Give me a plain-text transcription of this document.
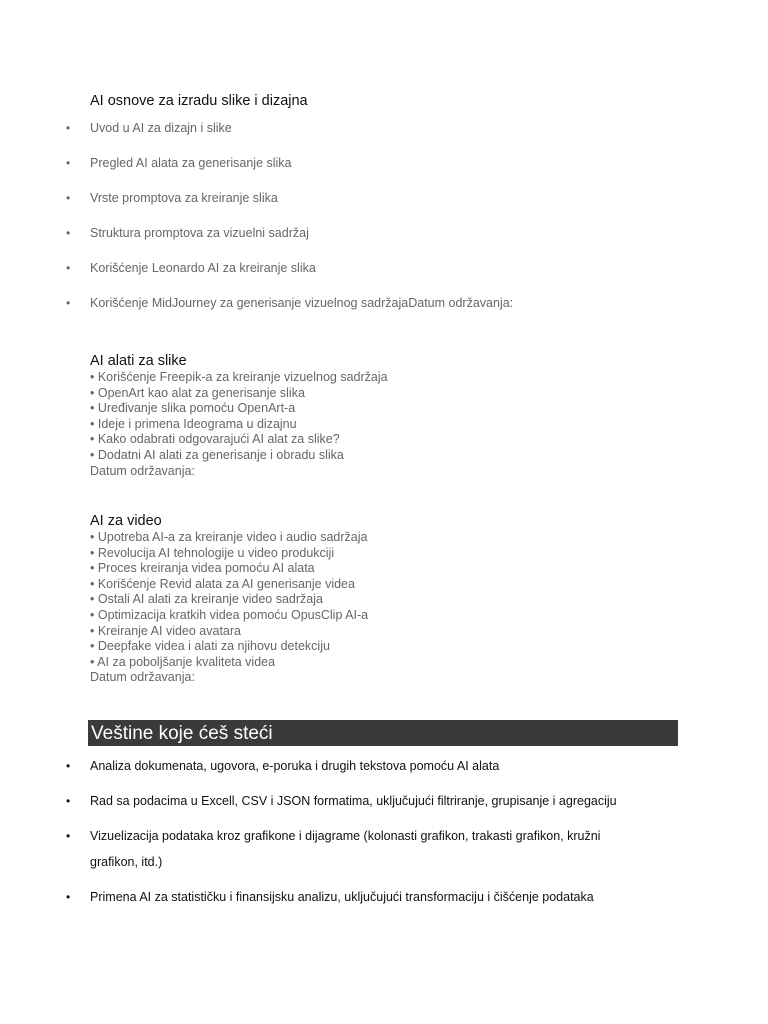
AI osnove za izradu slike i dizajna
• Uvod u AI za dizajn i slike
• Pregled AI alata za generisanje slika
• Vrste promptova za kreiranje slika
• Struktura promptova za vizuelni sadržaj
• Korišćenje Leonardo AI za kreiranje slika
• Korišćenje MidJourney za generisanje vizuelnog sadržajaDatum održavanja:
AI alati za slike
• Korišćenje Freepik-a za kreiranje vizuelnog sadržaja
• OpenArt kao alat za generisanje slika
• Uređivanje slika pomoću OpenArt-a
• Ideje i primena Ideograma u dizajnu
• Kako odabrati odgovarajući AI alat za slike?
• Dodatni AI alati za generisanje i obradu slika
Datum održavanja:
AI za video
• Upotreba AI-a za kreiranje video i audio sadržaja
• Revolucija AI tehnologije u video produkciji
• Proces kreiranja videa pomoću AI alata
• Korišćenje Revid alata za AI generisanje videa
• Ostali AI alati za kreiranje video sadržaja
• Optimizacija kratkih videa pomoću OpusClip AI-a
• Kreiranje AI video avatara
• Deepfake videa i alati za njihovu detekciju
• AI za poboljšanje kvaliteta videa
Datum održavanja:
Veštine koje ćeš steći
• Analiza dokumenata, ugovora, e-poruka i drugih tekstova pomoću AI alata
• Rad sa podacima u Excell, CSV i JSON formatima, uključujući filtriranje, grupisanje i agregaciju
• Vizuelizacija podataka kroz grafikone i dijagrame (kolonasti grafikon, trakasti grafikon, kružni grafikon, itd.)
• Primena AI za statističku i finansijsku analizu, uključujući transformaciju i čišćenje podataka
